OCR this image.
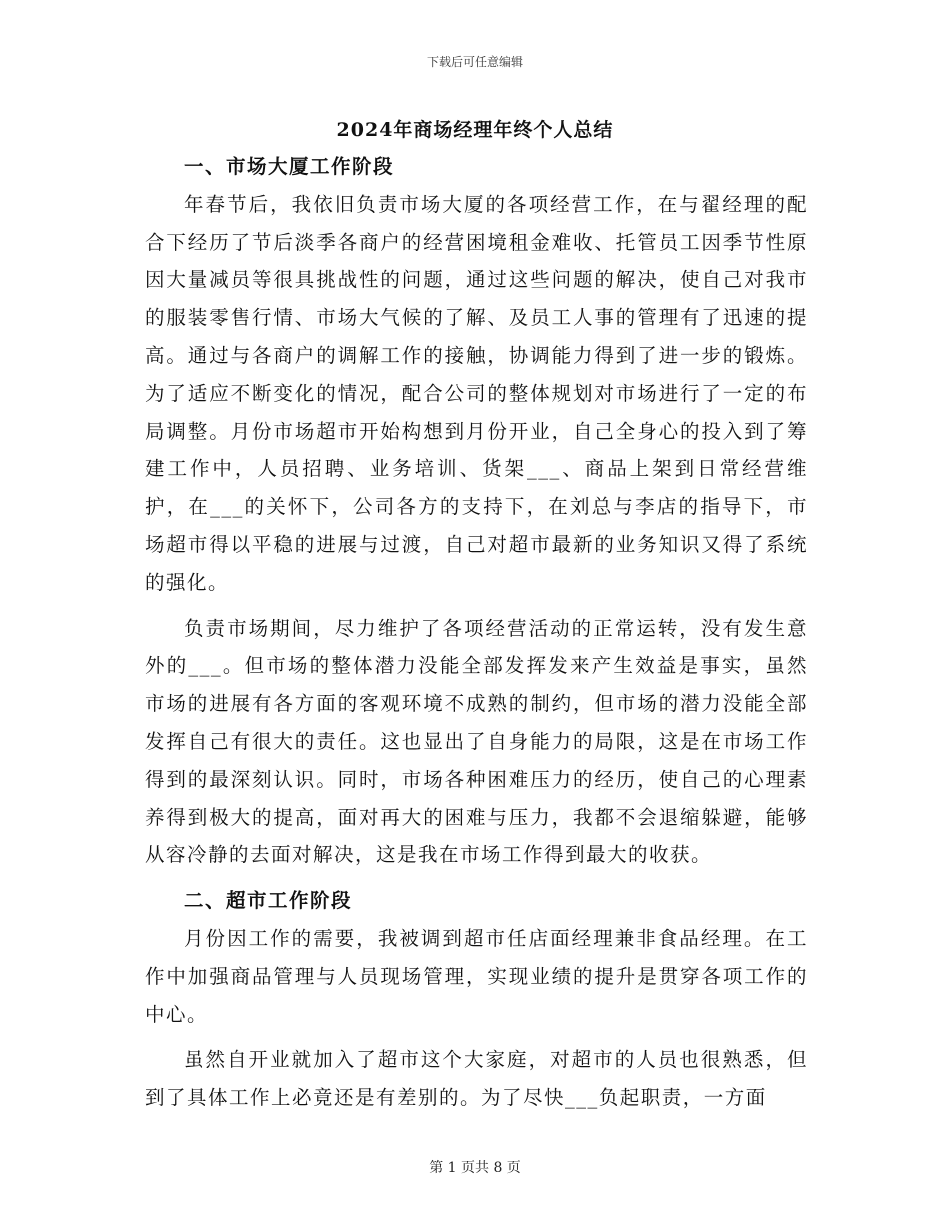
下载后可任意编辑
2024年商场经理年终个人总结
一、市场大厦工作阶段

年春节后，我依旧负责市场大厦的各项经营工作，在与翟经理的配合下经历了节后淡季各商户的经营困境租金难收、托管员工因季节性原因大量减员等很具挑战性的问题，通过这些问题的解决，使自己对我市的服装零售行情、市场大气候的了解、及员工人事的管理有了迅速的提高。通过与各商户的调解工作的接触，协调能力得到了进一步的锻炼。为了适应不断变化的情况，配合公司的整体规划对市场进行了一定的布局调整。月份市场超市开始构想到月份开业，自己全身心的投入到了筹建工作中，人员招聘、业务培训、货架___、商品上架到日常经营维护，在___的关怀下，公司各方的支持下，在刘总与李店的指导下，市场超市得以平稳的进展与过渡，自己对超市最新的业务知识又得了系统的强化。

负责市场期间，尽力维护了各项经营活动的正常运转，没有发生意外的___。但市场的整体潜力没能全部发挥发来产生效益是事实，虽然市场的进展有各方面的客观环境不成熟的制约，但市场的潜力没能全部发挥自己有很大的责任。这也显出了自身能力的局限，这是在市场工作得到的最深刻认识。同时，市场各种困难压力的经历，使自己的心理素养得到极大的提高，面对再大的困难与压力，我都不会退缩躲避，能够从容冷静的去面对解决，这是我在市场工作得到最大的收获。

二、超市工作阶段

月份因工作的需要，我被调到超市任店面经理兼非食品经理。在工作中加强商品管理与人员现场管理，实现业绩的提升是贯穿各项工作的中心。

虽然自开业就加入了超市这个大家庭，对超市的人员也很熟悉，但到了具体工作上必竟还是有差别的。为了尽快___负起职责，一方面

第 1 页共 8 页
